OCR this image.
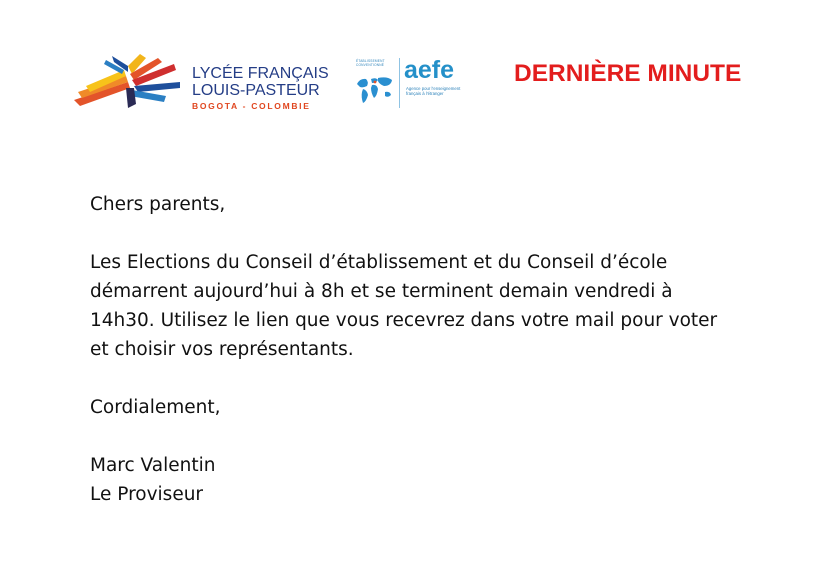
LYCÉE FRANÇAIS
LOUIS-PASTEUR
BOGOTA - COLOMBIE
ÉTABLISSEMENT CONVENTIONNÉ aefe
Agence pour l'enseignement français à l'étranger
DERNIÈRE MINUTE

Chers parents,

Les Elections du Conseil d’établissement et du Conseil d’école

démarrent aujourd’hui à 8h et se terminent demain vendredi à

14h30. Utilisez le lien que vous recevrez dans votre mail pour voter

et choisir vos représentants.

Cordialement,

Marc Valentin

Le Proviseur
